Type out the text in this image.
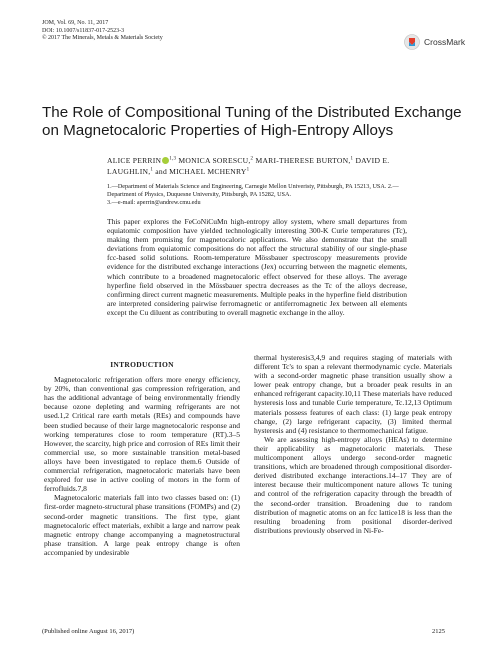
JOM, Vol. 69, No. 11, 2017
DOI: 10.1007/s11837-017-2523-3
© 2017 The Minerals, Metals & Materials Society	CrossMark
The Role of Compositional Tuning of the Distributed Exchange on Magnetocaloric Properties of High-Entropy Alloys
ALICE PERRIN $^{1,3}$ MONICA SORESCU,$^2$ MARI-THERESE BURTON,$^1$ DAVID E. LAUGHLIN,$^1$ and MICHAEL MCHENRY$^1$
1.—Department of Materials Science and Engineering, Carnegie Mellon Univeristy, Pittsburgh, PA 15213, USA. 2.—Department of Physics, Duquesne University, Pittsburgh, PA 15282, USA.
3.—e-mail: aperrin@andrew.cmu.edu
This paper explores the FeCoNiCuMn high-entropy alloy system, where small departures from equiatomic composition have yielded technologically interesting 300-K Curie temperatures (Tc), making them promising for magnetocaloric applications. We also demonstrate that the small deviations from equiatomic compositions do not affect the structural stability of our single-phase fcc-based solid solutions. Room-temperature Mössbauer spectroscopy measurements provide evidence for the distributed exchange interactions (Jex) occurring between the magnetic elements, which contribute to a broadened magnetocaloric effect observed for these alloys. The average hyperfine field observed in the Mössbauer spectra decreases as the Tc of the alloys decrease, confirming direct current magnetic measurements. Multiple peaks in the hyperfine field distribution are interpreted considering pairwise ferromagnetic or antiferromagnetic Jex between all elements except the Cu diluent as contributing to overall magnetic exchange in the alloy.

INTRODUCTION

Magnetocaloric refrigeration offers more energy efficiency, by 20%, than conventional gas compression refrigeration, and has the additional advantage of being environmentally friendly because ozone depleting and warming refrigerants are not used.1,2 Critical rare earth metals (REs) and compounds have been studied because of their large magnetocaloric response and working temperatures close to room temperature (RT).3–5 However, the scarcity, high price and corrosion of REs limit their commercial use, so more sustainable transition metal-based alloys have been investigated to replace them.6 Outside of commercial refrigeration, magnetocaloric materials have been explored for use in active cooling of motors in the form of ferrofluids.7,8

Magnetocaloric materials fall into two classes based on: (1) first-order magneto-structural phase transitions (FOMPs) and (2) second-order magnetic transitions. The first type, giant magnetocaloric effect materials, exhibit a large and narrow peak magnetic entropy change accompanying a magnetostructural phase transition. A large peak entropy change is often accompanied by undesirable

thermal hysteresis3,4,9 and requires staging of materials with different Tc's to span a relevant thermodynamic cycle. Materials with a second-order magnetic phase transition usually show a lower peak entropy change, but a broader peak results in an enhanced refrigerant capacity.10,11 These materials have reduced hysteresis loss and tunable Curie temperature, Tc.12,13 Optimum materials possess features of each class: (1) large peak entropy change, (2) large refrigerant capacity, (3) limited thermal hysteresis and (4) resistance to thermomechanical fatigue.

We are assessing high-entropy alloys (HEAs) to determine their applicability as magnetocaloric materials. These multicomponent alloys undergo second-order magnetic transitions, which are broadened through compositional disorder-derived distributed exchange interactions.14–17 They are of interest because their multicomponent nature allows Tc tuning and control of the refrigeration capacity through the breadth of the second-order transition. Broadening due to random distribution of magnetic atoms on an fcc lattice18 is less than the resulting broadening from positional disorder-derived distributions previously observed in Ni-Fe-

(Published online August 16, 2017)	2125
